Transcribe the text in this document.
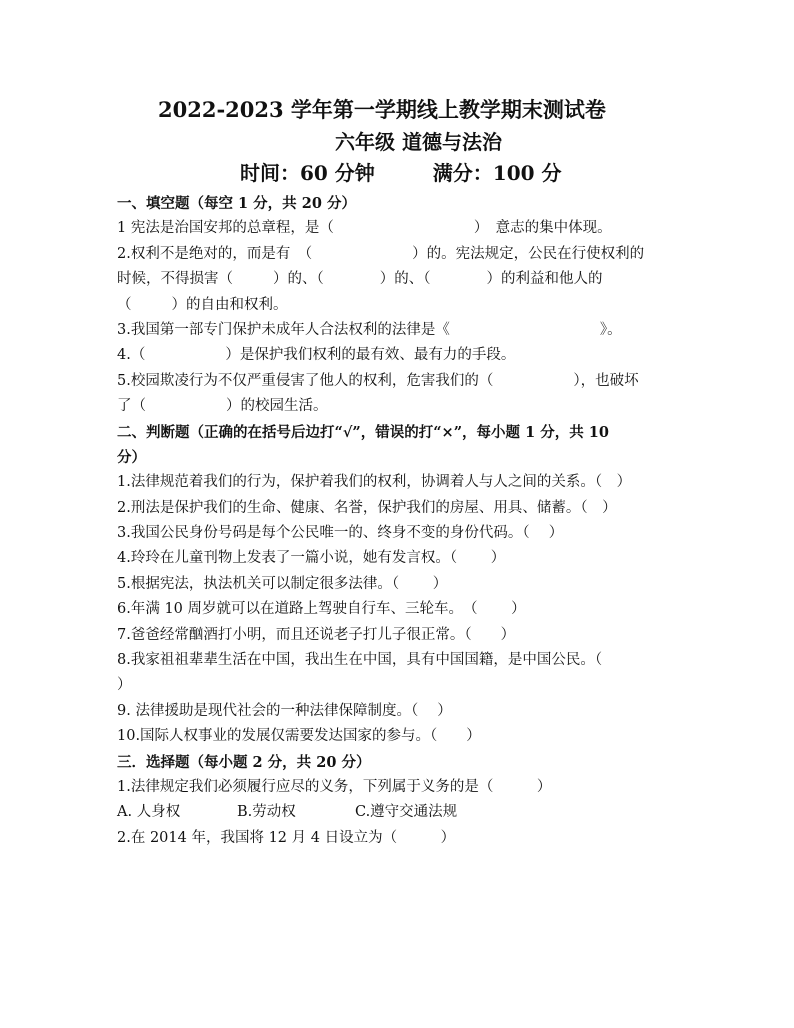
2022-2023 学年第一学期线上教学期末测试卷
六年级 道德与法治
时间：60 分钟	满分：100 分
一、填空题（每空 1 分，共 20 分）
1 宪法是治国安邦的总章程，是（	）　意志的集中体现。
2.权利不是绝对的，而是有　（	）的。宪法规定，公民在行使权利的
时候，不得损害（	）的、（	）的、（	）的利益和他人的
（	）的自由和权利。
3.我国第一部专门保护未成年人合法权利的法律是《	》。
4.（	）是保护我们权利的最有效、最有力的手段。
5.校园欺凌行为不仅严重侵害了他人的权利，危害我们的（	），也破坏
了（	）的校园生活。
二、判断题（正确的在括号后边打“√”，错误的打“×”，每小题 1 分，共 10
分）
1.法律规范着我们的行为，保护着我们的权利，协调着人与人之间的关系。（　）
2.刑法是保护我们的生命、健康、名誉，保护我们的房屋、用具、储蓄。（　）
3.我国公民身份号码是每个公民唯一的、终身不变的身份代码。（　 ）
4.玲玲在儿童刊物上发表了一篇小说，她有发言权。（　　 ）
5.根据宪法，执法机关可以制定很多法律。（　　 ）
6.年满 10 周岁就可以在道路上驾驶自行车、三轮车。　（　　 ）
7.爸爸经常酗酒打小明，而且还说老子打儿子很正常。（　　）
8.我家祖祖辈辈生活在中国，我出生在中国，具有中国国籍，是中国公民。（
）
9. 法律援助是现代社会的一种法律保障制度。（　 ）
10.国际人权事业的发展仅需要发达国家的参与。（　　）
三．选择题（每小题 2 分，共 20 分）
1.法律规定我们必须履行应尽的义务，下列属于义务的是（　　　）
A. 人身权	B.劳动权	C.遵守交通法规
2.在 2014 年，我国将 12 月 4 日设立为（　　　）
